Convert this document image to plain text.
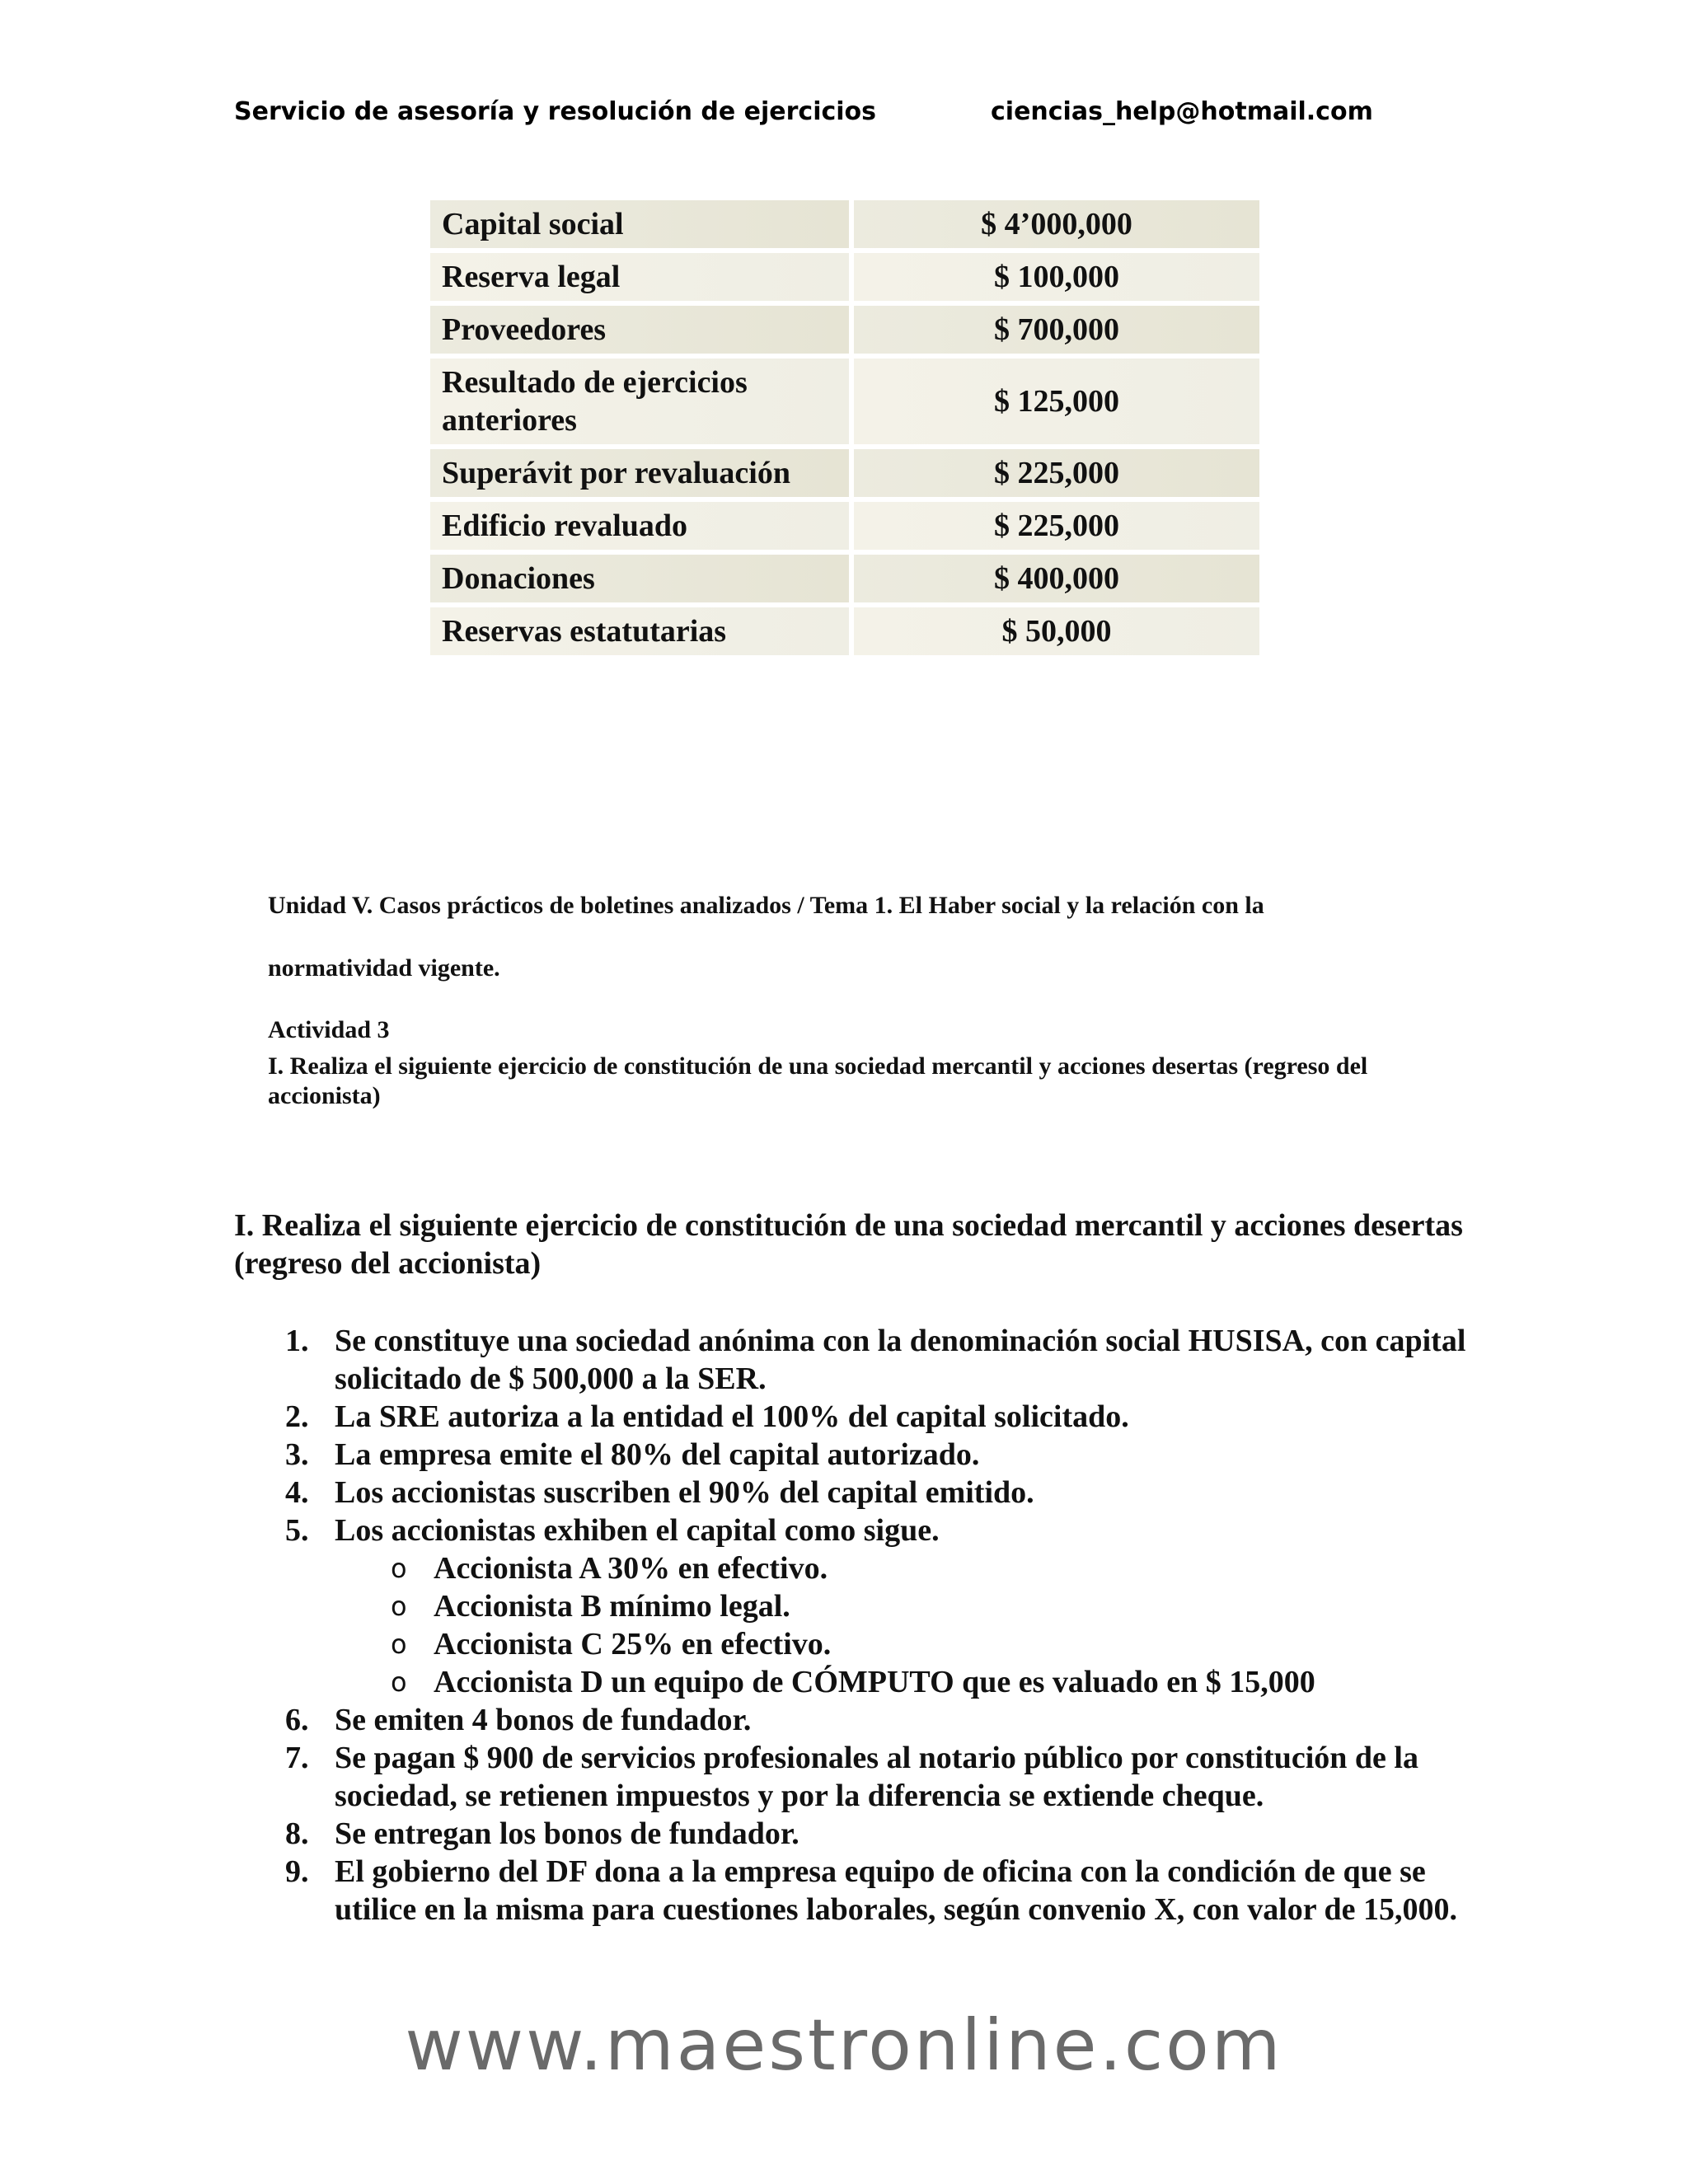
Servicio de asesoría y resolución de ejercicios	ciencias_help@hotmail.com
Capital social	$ 4’000,000
Reserva legal	$ 100,000
Proveedores	$ 700,000
Resultado de ejercicios anteriores	$ 125,000
Superávit por revaluación	$ 225,000
Edificio revaluado	$ 225,000
Donaciones	$ 400,000
Reservas estatutarias	$ 50,000

Unidad V. Casos prácticos de boletines analizados / Tema 1. El Haber social y la relación con la

normatividad vigente.

Actividad 3

I. Realiza el siguiente ejercicio de constitución de una sociedad mercantil y acciones desertas (regreso del accionista)

I. Realiza el siguiente ejercicio de constitución de una sociedad mercantil y acciones desertas (regreso del accionista)

1. Se constituye una sociedad anónima con la denominación social HUSISA, con capital solicitado de $ 500,000 a la SER.
2. La SRE autoriza a la entidad el 100% del capital solicitado.
3. La empresa emite el 80% del capital autorizado.
4. Los accionistas suscriben el 90% del capital emitido.
5. Los accionistas exhiben el capital como sigue.
o Accionista A 30% en efectivo.
o Accionista B mínimo legal.
o Accionista C 25% en efectivo.
o Accionista D un equipo de CÓMPUTO que es valuado en $ 15,000
6. Se emiten 4 bonos de fundador.
7. Se pagan $ 900 de servicios profesionales al notario público por constitución de la sociedad, se retienen impuestos y por la diferencia se extiende cheque.
8. Se entregan los bonos de fundador.
9. El gobierno del DF dona a la empresa equipo de oficina con la condición de que se utilice en la misma para cuestiones laborales, según convenio X, con valor de 15,000.
www.maestronline.com
